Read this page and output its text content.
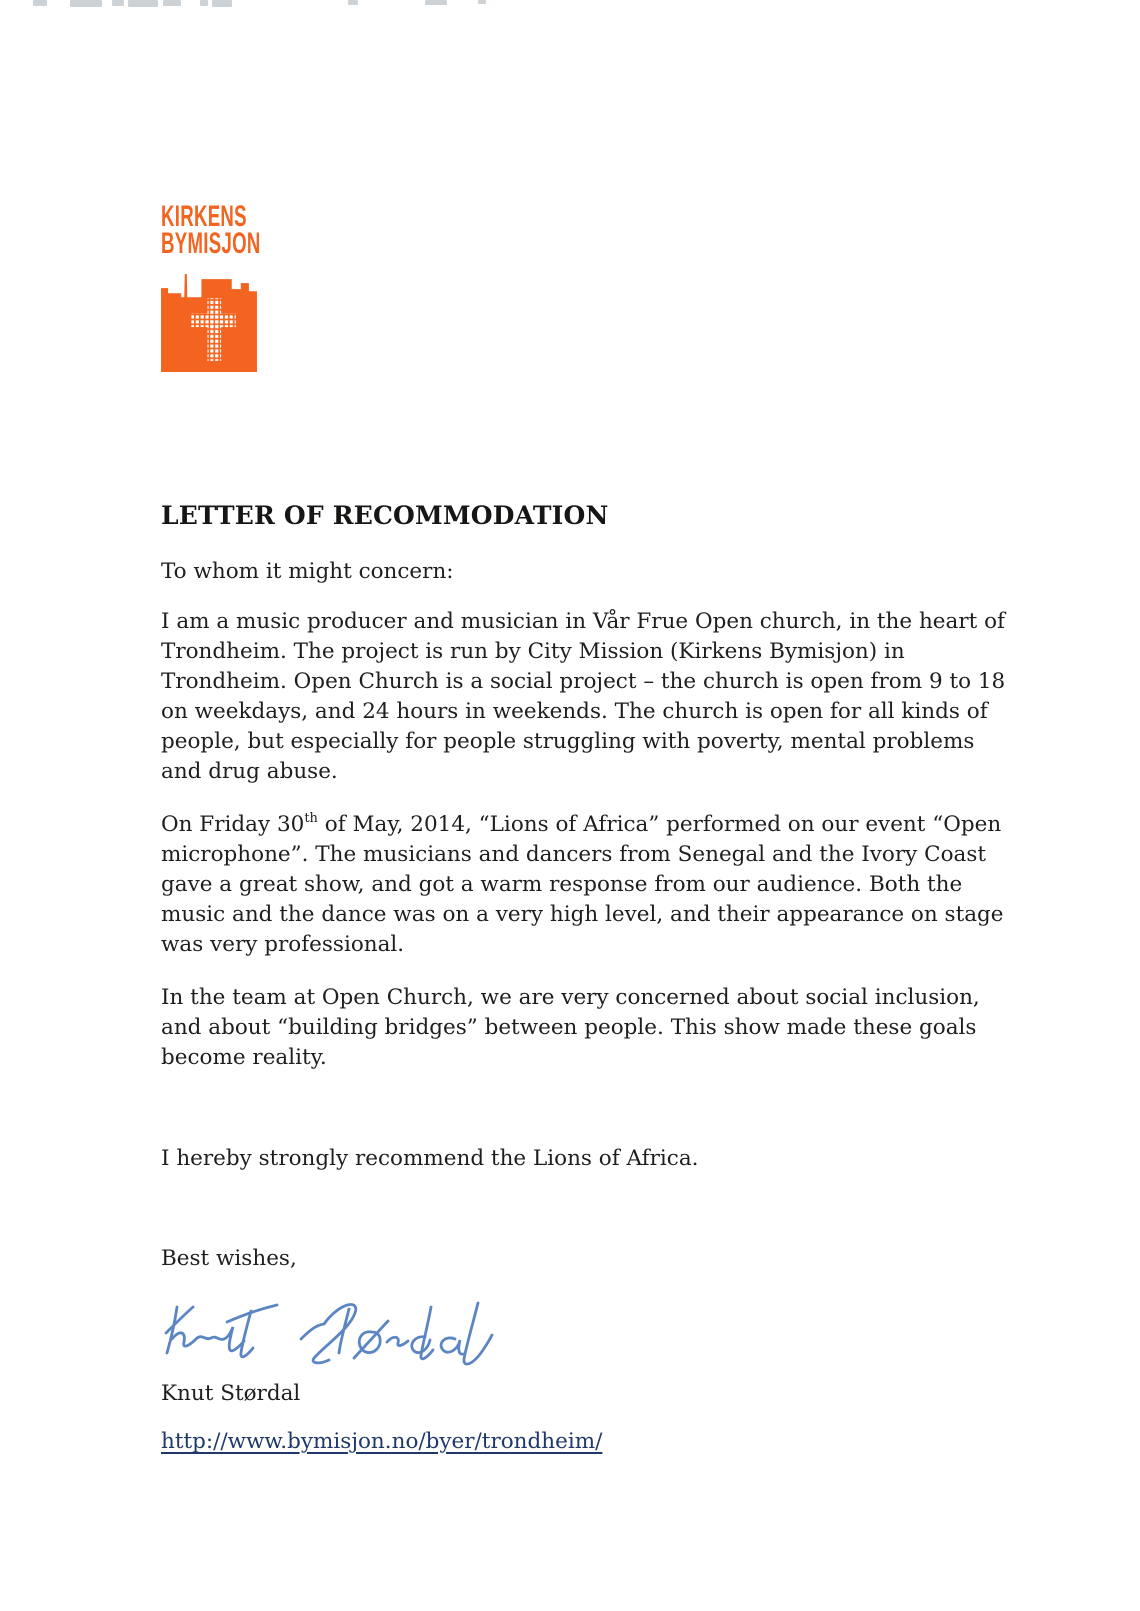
KIRKENS
BYMISJON
LETTER OF RECOMMODATION
To whom it might concern:

I am a music producer and musician in Vår Frue Open church, in the heart of Trondheim. The project is run by City Mission (Kirkens Bymisjon) in Trondheim. Open Church is a social project – the church is open from 9 to 18 on weekdays, and 24 hours in weekends. The church is open for all kinds of people, but especially for people struggling with poverty, mental problems and drug abuse.

On Friday 30th of May, 2014, “Lions of Africa” performed on our event “Open microphone”. The musicians and dancers from Senegal and the Ivory Coast gave a great show, and got a warm response from our audience. Both the music and the dance was on a very high level, and their appearance on stage was very professional.

In the team at Open Church, we are very concerned about social inclusion, and about “building bridges” between people. This show made these goals become reality.

I hereby strongly recommend the Lions of Africa.
Best wishes,
Knut Størdal
http://www.bymisjon.no/byer/trondheim/
